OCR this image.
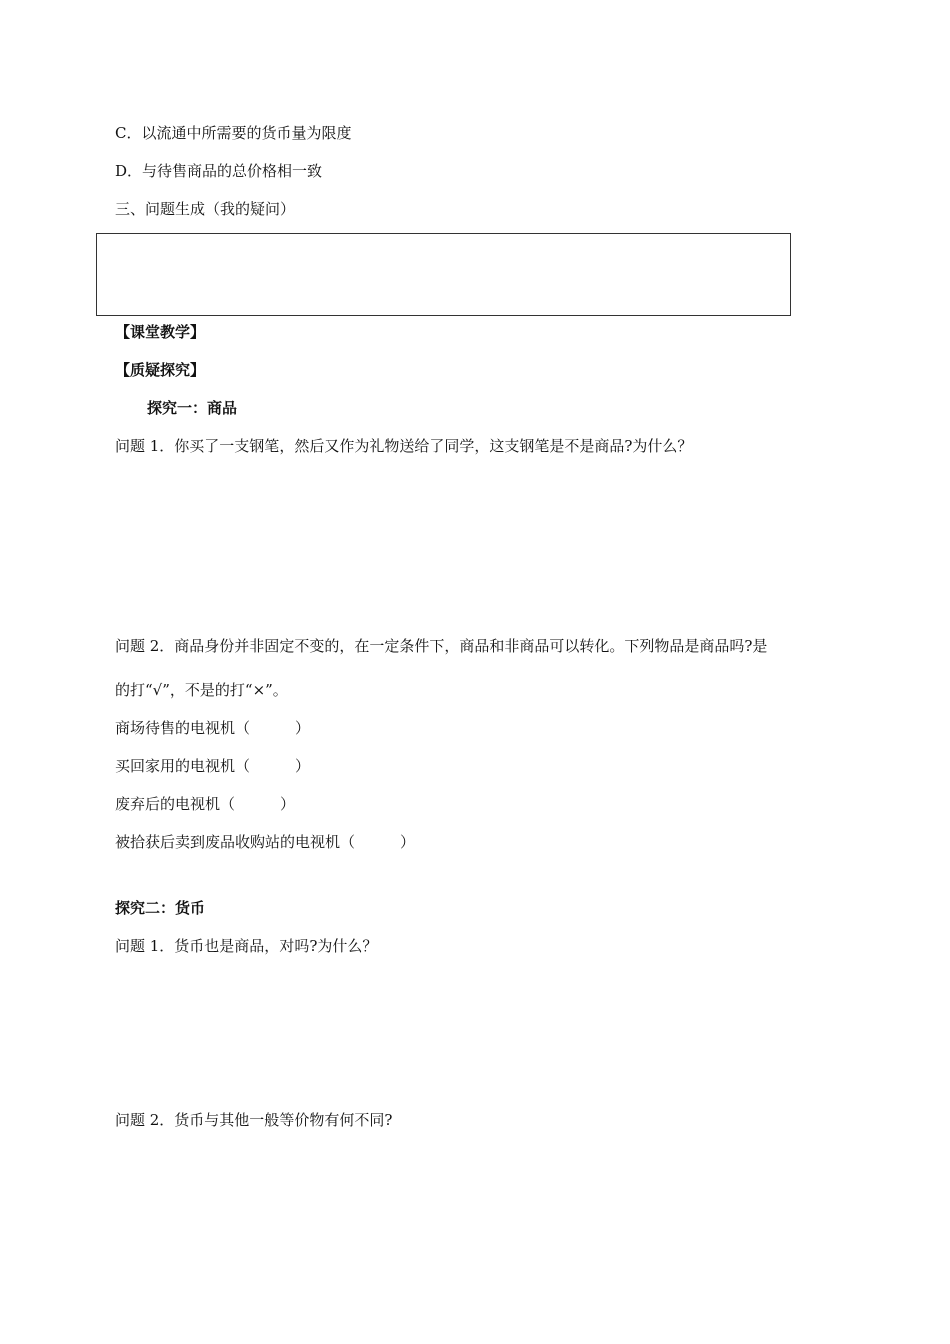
C．以流通中所需要的货币量为限度
D．与待售商品的总价格相一致
三、问题生成（我的疑问）
【课堂教学】
【质疑探究】
探究一：商品
问题 1．你买了一支钢笔，然后又作为礼物送给了同学，这支钢笔是不是商品?为什么？
问题 2．商品身份并非固定不变的，在一定条件下，商品和非商品可以转化。下列物品是商品吗?是
的打“√”，不是的打“×”。
商场待售的电视机（　　　）
买回家用的电视机（　　　）
废弃后的电视机（　　　）
被拾获后卖到废品收购站的电视机（　　　）
探究二：货币
问题 1．货币也是商品，对吗?为什么？
问题 2．货币与其他一般等价物有何不同?
